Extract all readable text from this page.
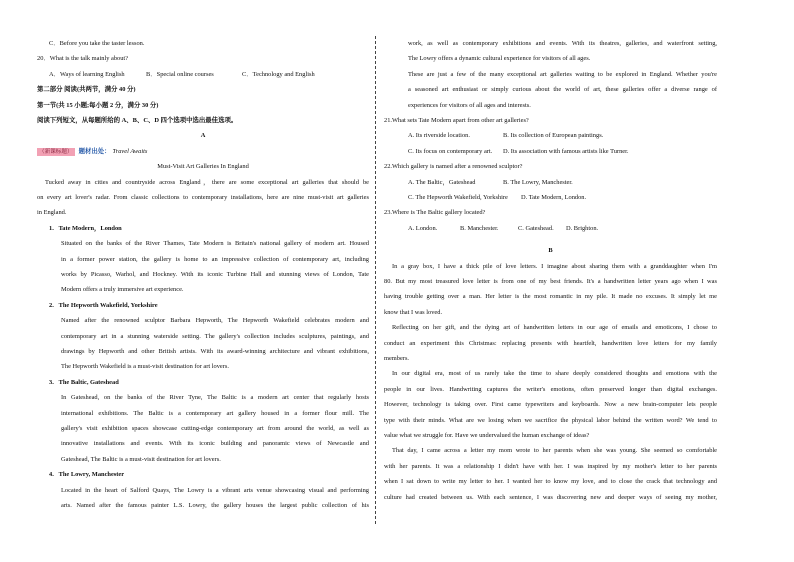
C．Before you take the taster lesson.
20．What is the talk mainly about?
A．Ways of learning English	B．Special online courses	C．Technology and English
第二部分 阅读(共两节，满分 40 分)
第一节(共 15 小题;每小题 2 分，满分 30 分)
阅读下列短文，从每题所给的 A、B、C、D 四个选项中选出最佳选项。
A
（新课标题） 题材出处： Travel Awaits
Must-Visit Art Galleries In England
Tucked away in cities and countryside across England，there are some exceptional art galleries that should be
on every art lover's radar. From classic collections to contemporary installations, here are nine must-visit art galleries
in England.
1. Tate Modern，London
Situated on the banks of the River Thames, Tate Modern is Britain's national gallery of modern art. Housed
in a former power station, the gallery is home to an impressive collection of contemporary art, including
works by Picasso, Warhol, and Hockney. With its iconic Turbine Hall and stunning views of London, Tate
Modern offers a truly immersive art experience.
2. The Hepworth Wakefield, Yorkshire
Named after the renowned sculptor Barbara Hepworth, The Hepworth Wakefield celebrates modern and
contemporary art in a stunning waterside setting. The gallery's collection includes sculptures, paintings, and
drawings by Hepworth and other British artists. With its award-winning architecture and vibrant exhibitions,
The Hepworth Wakefield is a must-visit destination for art lovers.
3. The Baltic, Gateshead
In Gateshead, on the banks of the River Tyne, The Baltic is a modern art center that regularly hosts
international exhibitions. The Baltic is a contemporary art gallery housed in a former flour mill. The
gallery's visit exhibition spaces showcase cutting-edge contemporary art from around the world, as well as
innovative installations and events. With its iconic building and panoramic views of Newcastle and
Gateshead, The Baltic is a must-visit destination for art lovers.
4. The Lowry, Manchester
Located in the heart of Salford Quays, The Lowry is a vibrant arts venue showcasing visual and performing
arts. Named after the famous painter L.S. Lowry, the gallery houses the largest public collection of his
work, as well as contemporary exhibitions and events. With its theatres, galleries, and waterfront setting,
The Lowry offers a dynamic cultural experience for visitors of all ages.
These are just a few of the many exceptional art galleries waiting to be explored in England. Whether you're
a seasoned art enthusiast or simply curious about the world of art, these galleries offer a diverse range of
experiences for visitors of all ages and interests.
21.What sets Tate Modern apart from other art galleries?
A. Its riverside location.	B. Its collection of European paintings.
C. Its focus on contemporary art. D. Its association with famous artists like Turner.
22.Which gallery is named after a renowned sculptor?
A. The Baltic，Gateshead	B. The Lowry, Manchester.
C. The Hepworth Wakefield, Yorkshire D. Tate Modern, London.
23.Where is The Baltic gallery located?
A. London.	B. Manchester.	C. Gateshead. D. Brighton.
B
In a gray box, I have a thick pile of love letters. I imagine about sharing them with a granddaughter when I'm
80. But my most treasured love letter is from one of my best friends. It's a handwritten letter years ago when I was
having trouble getting over a man. Her letter is the most romantic in my pile. It made no excuses. It simply let me
know that I was loved.
Reflecting on her gift, and the dying art of handwritten letters in our age of emails and emoticons, I chose to
conduct an experiment this Christmas: replacing presents with heartfelt, handwritten love letters for my family
members.
In our digital era, most of us rarely take the time to share deeply considered thoughts and emotions with the
people in our lives. Handwriting captures the writer's emotions, often preserved longer than digital exchanges.
However, technology is taking over. First came typewriters and keyboards. Now a new brain-computer lets people
type with their minds. What are we losing when we sacrifice the physical labor behind the written word? We tend to
value what we struggle for. Have we undervalued the human exchange of ideas?
That day, I came across a letter my mom wrote to her parents when she was young. She seemed so comfortable
with her parents. It was a relationship I didn't have with her. I was inspired by my mother's letter to her parents
when I sat down to write my letter to her. I wanted her to know my love, and to close the crack that technology and
culture had created between us. With each sentence, I was discovering new and deeper ways of seeing my mother,
